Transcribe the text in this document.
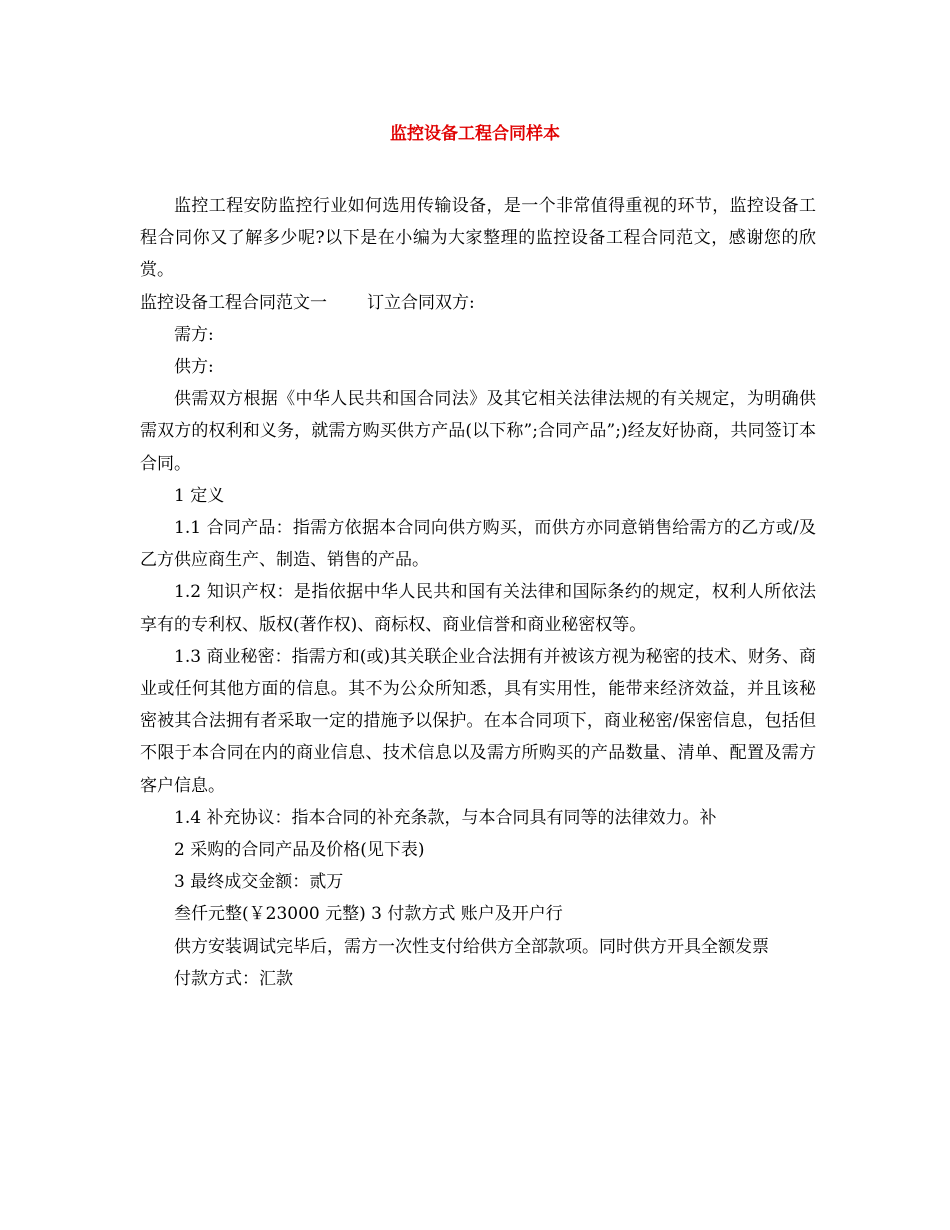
监控设备工程合同样本

监控工程安防监控行业如何选用传输设备，是一个非常值得重视的环节，监控设备工程合同你又了解多少呢?以下是在小编为大家整理的监控设备工程合同范文，感谢您的欣赏。

监控设备工程合同范文一 订立合同双方:

需方:

供方:

供需双方根据《中华人民共和国合同法》及其它相关法律法规的有关规定，为明确供需双方的权利和义务，就需方购买供方产品(以下称”;合同产品”;)经友好协商，共同签订本合同。

1 定义

1.1 合同产品：指需方依据本合同向供方购买，而供方亦同意销售给需方的乙方或/及乙方供应商生产、制造、销售的产品。

1.2 知识产权：是指依据中华人民共和国有关法律和国际条约的规定，权利人所依法享有的专利权、版权(著作权)、商标权、商业信誉和商业秘密权等。

1.3 商业秘密：指需方和(或)其关联企业合法拥有并被该方视为秘密的技术、财务、商业或任何其他方面的信息。其不为公众所知悉，具有实用性，能带来经济效益，并且该秘密被其合法拥有者采取一定的措施予以保护。在本合同项下，商业秘密/保密信息，包括但不限于本合同在内的商业信息、技术信息以及需方所购买的产品数量、清单、配置及需方客户信息。

1.4 补充协议：指本合同的补充条款，与本合同具有同等的法律效力。补

2 采购的合同产品及价格(见下表)

3 最终成交金额：贰万

叁仟元整(￥23000 元整) 3 付款方式 账户及开户行

供方安装调试完毕后，需方一次性支付给供方全部款项。同时供方开具全额发票

付款方式：汇款
